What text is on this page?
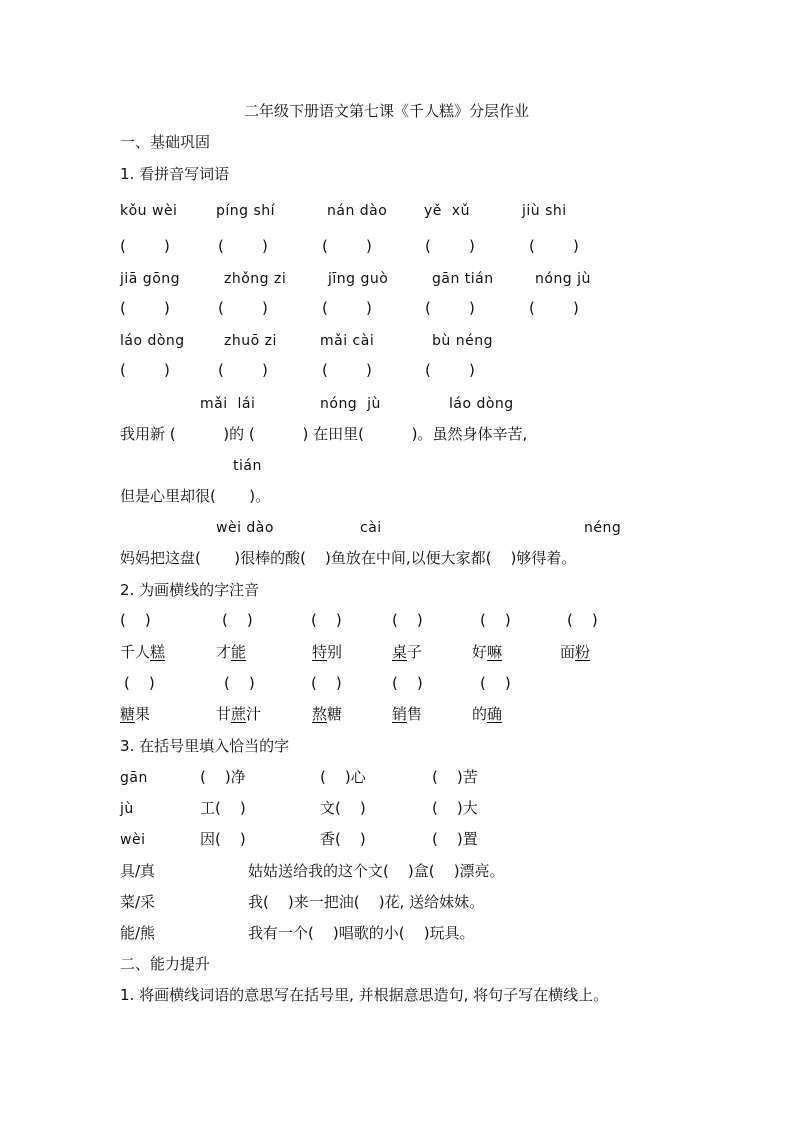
二年级下册语文第七课《千人糕》分层作业
一、基础巩固
1. 看拼音写词语
kǒu wèi	píng shí	nán dào	yě  xǔ	jiù shi
(        )	(        )	(        )	(        )	(        )
jiā gōng	zhǒng zi	jīng guò	gān tián	nóng jù
(        )	(        )	(        )	(        )	(        )
láo dòng	zhuō zi	mǎi cài	bù néng
(        )	(        )	(        )	(        )
mǎi  lái	nóng  jù	láo dòng
我用新 (          )的 (          ) 在田里(          )。虽然身体辛苦,
tián
但是心里却很(       )。
wèi dào	cài	néng
妈妈把这盘(       )很棒的酸(    )鱼放在中间,以便大家都(    )够得着。
2. 为画横线的字注音
(    )	(    )	(    )	(    )	(    )	(    )
千人糕	才能	特别	桌子	好嘛	面粉
(    )	(    )	(    )	(    )	(    )
糖果	甘蔗汁	熬糖	销售	的确
3. 在括号里填入恰当的字
gān	(    )净	(    )心	(    )苦
jù	工(    )	文(    )	(    )大
wèi	因(    )	香(    )	(    )置
具/真	姑姑送给我的这个文(    )盒(    )漂亮。
菜/采	我(    )来一把油(    )花, 送给妹妹。
能/熊	我有一个(    )唱歌的小(    )玩具。
二、能力提升
1. 将画横线词语的意思写在括号里, 并根据意思造句, 将句子写在横线上。
